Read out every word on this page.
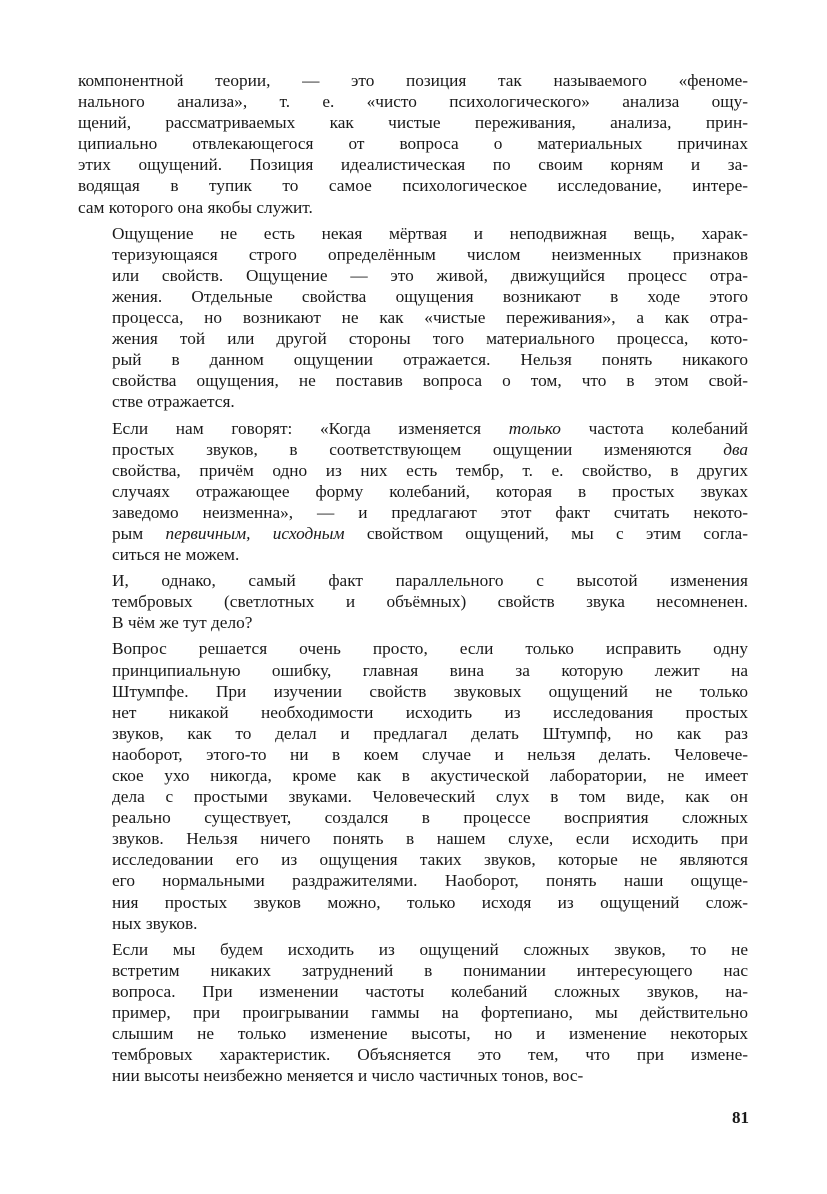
компонентной теории, — это позиция так называемого «феноме-
нального анализа», т. е. «чисто психологического» анализа ощу-
щений, рассматриваемых как чистые переживания, анализа, прин-
ципиально отвлекающегося от вопроса о материальных причинах
этих ощущений. Позиция идеалистическая по своим корням и за-
водящая в тупик то самое психологическое исследование, интере-
сам которого она якобы служит.

Ощущение не есть некая мёртвая и неподвижная вещь, харак-
теризующаяся строго определённым числом неизменных признаков
или свойств. Ощущение — это живой, движущийся процесс отра-
жения. Отдельные свойства ощущения возникают в ходе этого
процесса, но возникают не как «чистые переживания», а как отра-
жения той или другой стороны того материального процесса, кото-
рый в данном ощущении отражается. Нельзя понять никакого
свойства ощущения, не поставив вопроса о том, что в этом свой-
стве отражается.

Если нам говорят: «Когда изменяется только частота колебаний
простых звуков, в соответствующем ощущении изменяются два
свойства, причём одно из них есть тембр, т. е. свойство, в других
случаях отражающее форму колебаний, которая в простых звуках
заведомо неизменна», — и предлагают этот факт считать некото-
рым первичным, исходным свойством ощущений, мы с этим согла-
ситься не можем.

И, однако, самый факт параллельного с высотой изменения
тембровых (светлотных и объёмных) свойств звука несомненен.
В чём же тут дело?

Вопрос решается очень просто, если только исправить одну
принципиальную ошибку, главная вина за которую лежит на
Штумпфе. При изучении свойств звуковых ощущений не только
нет никакой необходимости исходить из исследования простых
звуков, как то делал и предлагал делать Штумпф, но как раз
наоборот, этого-то ни в коем случае и нельзя делать. Человече-
ское ухо никогда, кроме как в акустической лаборатории, не имеет
дела с простыми звуками. Человеческий слух в том виде, как он
реально существует, создался в процессе восприятия сложных
звуков. Нельзя ничего понять в нашем слухе, если исходить при
исследовании его из ощущения таких звуков, которые не являются
его нормальными раздражителями. Наоборот, понять наши ощуще-
ния простых звуков можно, только исходя из ощущений слож-
ных звуков.

Если мы будем исходить из ощущений сложных звуков, то не
встретим никаких затруднений в понимании интересующего нас
вопроса. При изменении частоты колебаний сложных звуков, на-
пример, при проигрывании гаммы на фортепиано, мы действительно
слышим не только изменение высоты, но и изменение некоторых
тембровых характеристик. Объясняется это тем, что при измене-
нии высоты неизбежно меняется и число частичных тонов, вос-

81
